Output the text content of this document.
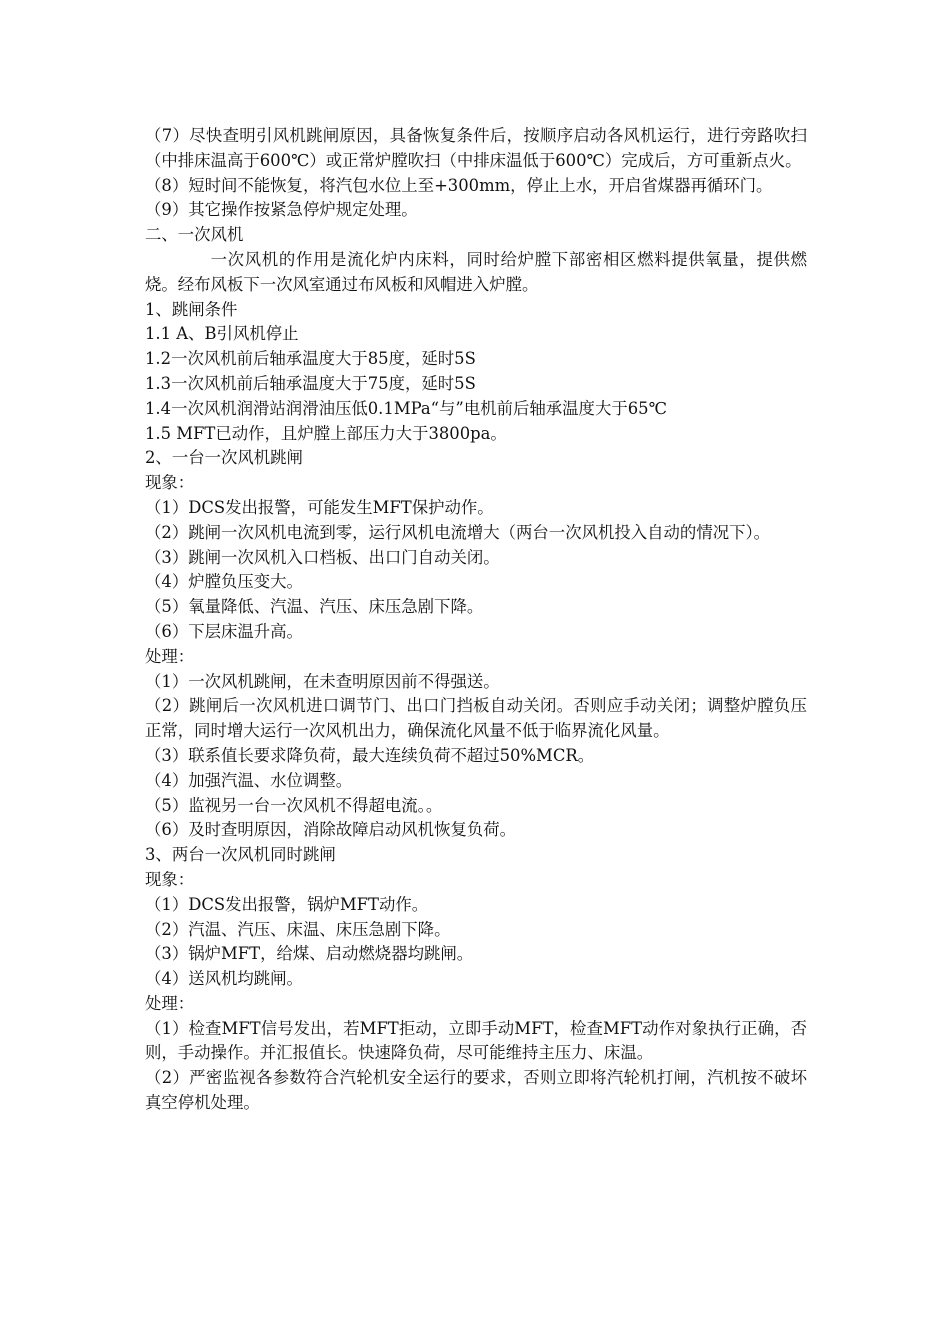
（7）尽快查明引风机跳闸原因，具备恢复条件后，按顺序启动各风机运行，进行旁路吹扫（中排床温高于600℃）或正常炉膛吹扫（中排床温低于600℃）完成后，方可重新点火。

（8）短时间不能恢复，将汽包水位上至+300mm，停止上水，开启省煤器再循环门。

（9）其它操作按紧急停炉规定处理。

二、一次风机

一次风机的作用是流化炉内床料，同时给炉膛下部密相区燃料提供氧量，提供燃烧。经布风板下一次风室通过布风板和风帽进入炉膛。

1、跳闸条件

1.1 A、B引风机停止

1.2一次风机前后轴承温度大于85度，延时5S

1.3一次风机前后轴承温度大于75度，延时5S

1.4一次风机润滑站润滑油压低0.1MPa“与”电机前后轴承温度大于65℃

1.5 MFT已动作，且炉膛上部压力大于3800pa。

2、一台一次风机跳闸

现象：

（1）DCS发出报警，可能发生MFT保护动作。

（2）跳闸一次风机电流到零，运行风机电流增大（两台一次风机投入自动的情况下）。

（3）跳闸一次风机入口档板、出口门自动关闭。

（4）炉膛负压变大。

（5）氧量降低、汽温、汽压、床压急剧下降。

（6）下层床温升高。

处理：

（1）一次风机跳闸，在未查明原因前不得强送。

（2）跳闸后一次风机进口调节门、出口门挡板自动关闭。否则应手动关闭；调整炉膛负压正常，同时增大运行一次风机出力，确保流化风量不低于临界流化风量。

（3）联系值长要求降负荷，最大连续负荷不超过50%MCR。

（4）加强汽温、水位调整。

（5）监视另一台一次风机不得超电流。。

（6）及时查明原因，消除故障启动风机恢复负荷。

3、两台一次风机同时跳闸

现象：

（1）DCS发出报警，锅炉MFT动作。

（2）汽温、汽压、床温、床压急剧下降。

（3）锅炉MFT，给煤、启动燃烧器均跳闸。

（4）送风机均跳闸。

处理：

（1）检查MFT信号发出，若MFT拒动，立即手动MFT，检查MFT动作对象执行正确，否则，手动操作。并汇报值长。快速降负荷，尽可能维持主压力、床温。

（2）严密监视各参数符合汽轮机安全运行的要求，否则立即将汽轮机打闸，汽机按不破坏真空停机处理。
